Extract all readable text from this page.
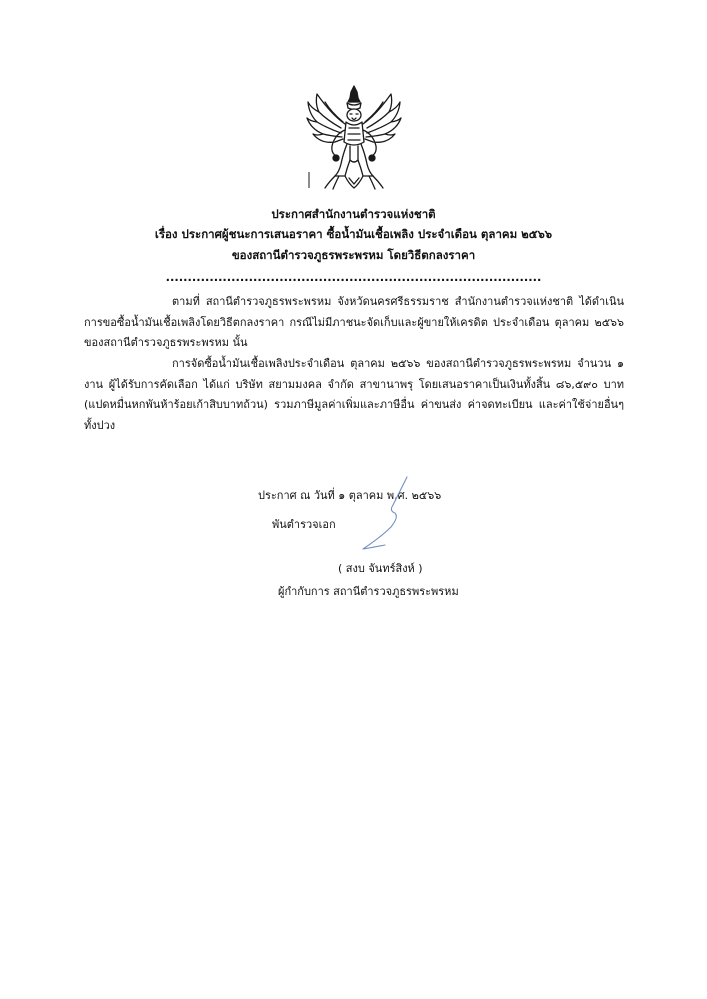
ประกาศสำนักงานตำรวจแห่งชาติ
เรื่อง ประกาศผู้ชนะการเสนอราคา ซื้อน้ำมันเชื้อเพลิง ประจำเดือน ตุลาคม ๒๕๖๖
ของสถานีตำรวจภูธรพระพรหม โดยวิธีตกลงราคา
......................................................................................
ตามที่ สถานีตำรวจภูธรพระพรหม จังหวัดนครศรีธรรมราช สำนักงานตำรวจแห่งชาติ ได้ดำเนินการขอซื้อน้ำมันเชื้อเพลิงโดยวิธีตกลงราคา กรณีไม่มีภาชนะจัดเก็บและผู้ขายให้เครดิต ประจำเดือน ตุลาคม ๒๕๖๖ ของสถานีตำรวจภูธรพระพรหม นั้น
การจัดซื้อน้ำมันเชื้อเพลิงประจำเดือน ตุลาคม ๒๕๖๖ ของสถานีตำรวจภูธรพระพรหม จำนวน ๑ งาน ผู้ได้รับการคัดเลือก ได้แก่ บริษัท สยามมงคล จำกัด สาขานาพรุ โดยเสนอราคาเป็นเงินทั้งสิ้น ๘๖,๕๙๐ บาท (แปดหมื่นหกพันห้าร้อยเก้าสิบบาทถ้วน) รวมภาษีมูลค่าเพิ่มและภาษีอื่น ค่าขนส่ง ค่าจดทะเบียน และค่าใช้จ่ายอื่นๆ ทั้งปวง
ประกาศ ณ วันที่ ๑ ตุลาคม พ.ศ. ๒๕๖๖
พันตำรวจเอก
( สงบ จันทร์สิงห์ )
ผู้กำกับการ สถานีตำรวจภูธรพระพรหม
